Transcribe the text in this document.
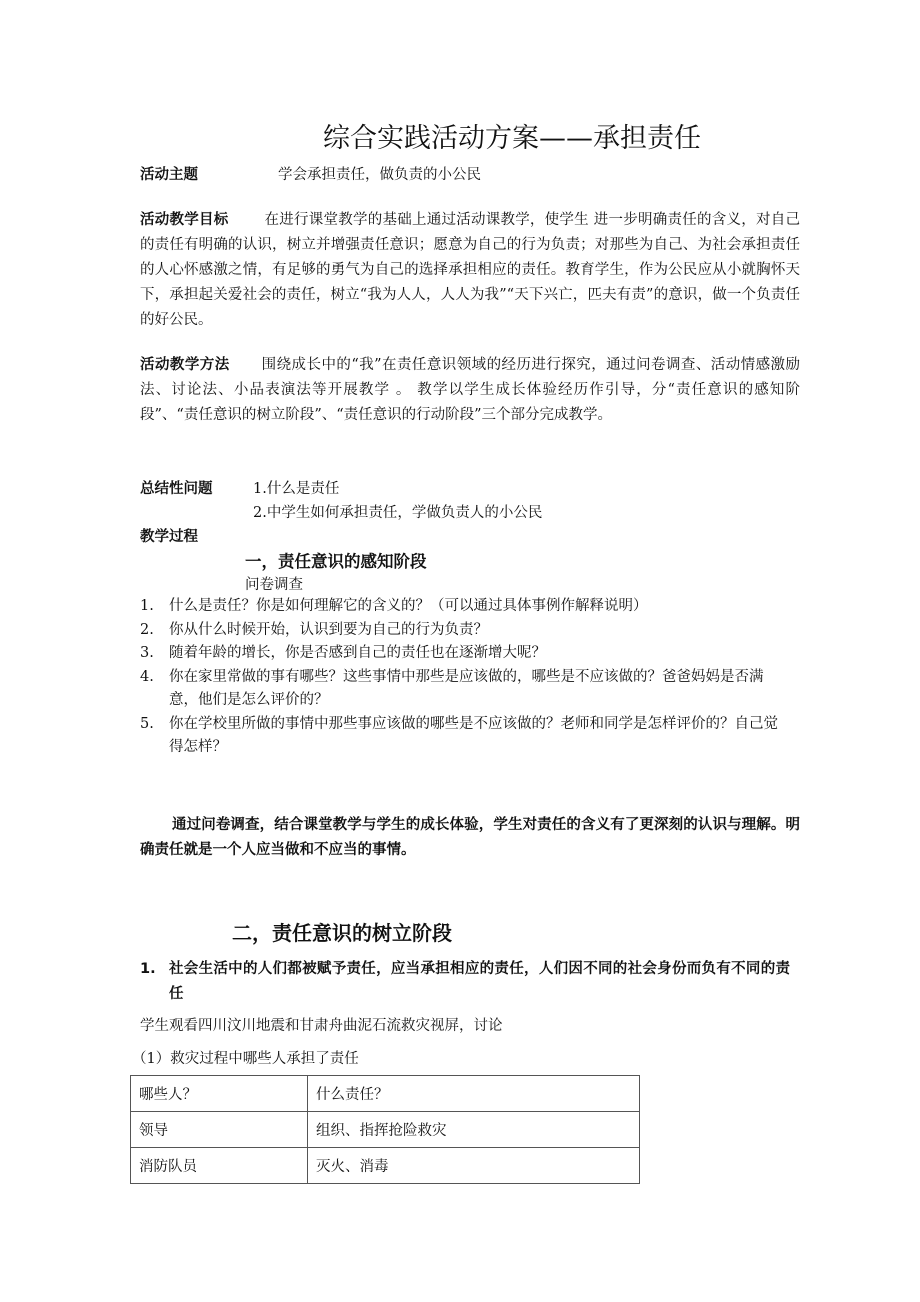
综合实践活动方案——承担责任
活动主题	学会承担责任，做负责的小公民
活动教学目标 在进行课堂教学的基础上通过活动课教学，使学生 进一步明确责任的含义，对自己的责任有明确的认识，树立并增强责任意识；愿意为自己的行为负责；对那些为自己、为社会承担责任的人心怀感激之情，有足够的勇气为自己的选择承担相应的责任。教育学生，作为公民应从小就胸怀天下，承担起关爱社会的责任，树立“我为人人，人人为我”“天下兴亡，匹夫有责”的意识，做一个负责任的好公民。
活动教学方法 围绕成长中的“我”在责任意识领域的经历进行探究，通过问卷调查、活动情感激励法、讨论法、小品表演法等开展教学 。 教学以学生成长体验经历作引导，分“责任意识的感知阶段”、“责任意识的树立阶段”、“责任意识的行动阶段”三个部分完成教学。
总结性问题	1.什么是责任
2.中学生如何承担责任，学做负责人的小公民
教学过程
一，责任意识的感知阶段
问卷调查
1. 什么是责任？你是如何理解它的含义的？（可以通过具体事例作解释说明）
2. 你从什么时候开始，认识到要为自己的行为负责？
3. 随着年龄的增长，你是否感到自己的责任也在逐渐增大呢？
4. 你在家里常做的事有哪些？这些事情中那些是应该做的，哪些是不应该做的？爸爸妈妈是否满意，他们是怎么评价的？
5. 你在学校里所做的事情中那些事应该做的哪些是不应该做的？老师和同学是怎样评价的？自己觉得怎样？
通过问卷调查，结合课堂教学与学生的成长体验，学生对责任的含义有了更深刻的认识与理解。明确责任就是一个人应当做和不应当的事情。
二，责任意识的树立阶段
1. 社会生活中的人们都被赋予责任，应当承担相应的责任，人们因不同的社会身份而负有不同的责任
学生观看四川汶川地震和甘肃舟曲泥石流救灾视屏，讨论
（1）救灾过程中哪些人承担了责任
哪些人？	什么责任？
领导	组织、指挥抢险救灾
消防队员	灭火、消毒
